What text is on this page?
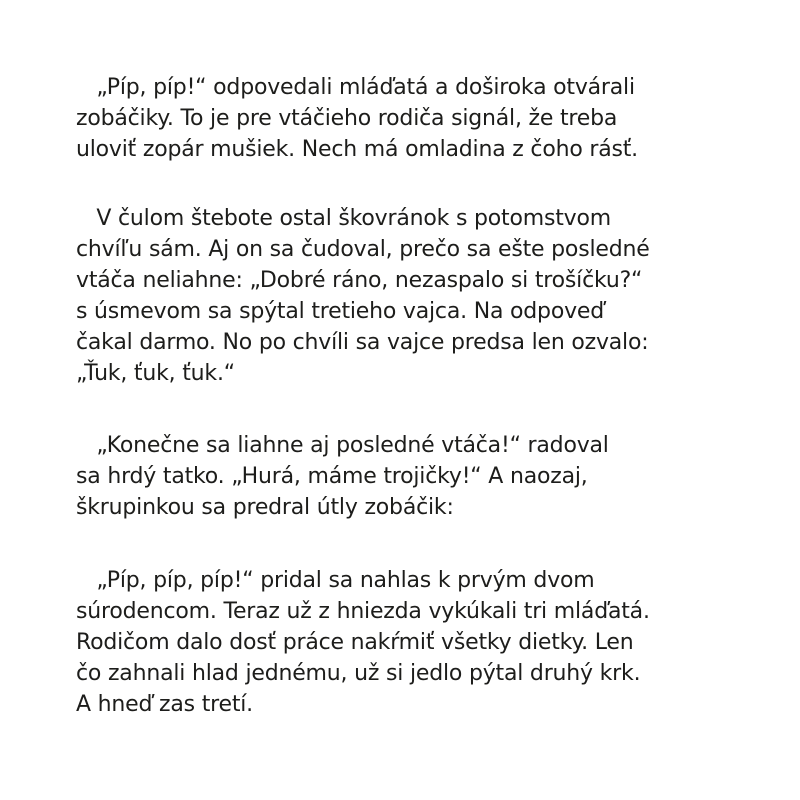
„Píp, píp!“ odpovedali mláďatá a doširoka otvárali
zobáčiky. To je pre vtáčieho rodiča signál, že treba
uloviť zopár mušiek. Nech má omladina z čoho rásť.
V čulom štebote ostal škovránok s potomstvom
chvíľu sám. Aj on sa čudoval, prečo sa ešte posledné
vtáča neliahne: „Dobré ráno, nezaspalo si trošíčku?“
s úsmevom sa spýtal tretieho vajca. Na odpoveď
čakal darmo. No po chvíli sa vajce predsa len ozvalo:
„Ťuk, ťuk, ťuk.“
„Konečne sa liahne aj posledné vtáča!“ radoval
sa hrdý tatko. „Hurá, máme trojičky!“ A naozaj,
škrupinkou sa predral útly zobáčik:
„Píp, píp, píp!“ pridal sa nahlas k prvým dvom
súrodencom. Teraz už z hniezda vykúkali tri mláďatá.
Rodičom dalo dosť práce nakŕmiť všetky dietky. Len
čo zahnali hlad jednému, už si jedlo pýtal druhý krk.
A hneď zas tretí.
